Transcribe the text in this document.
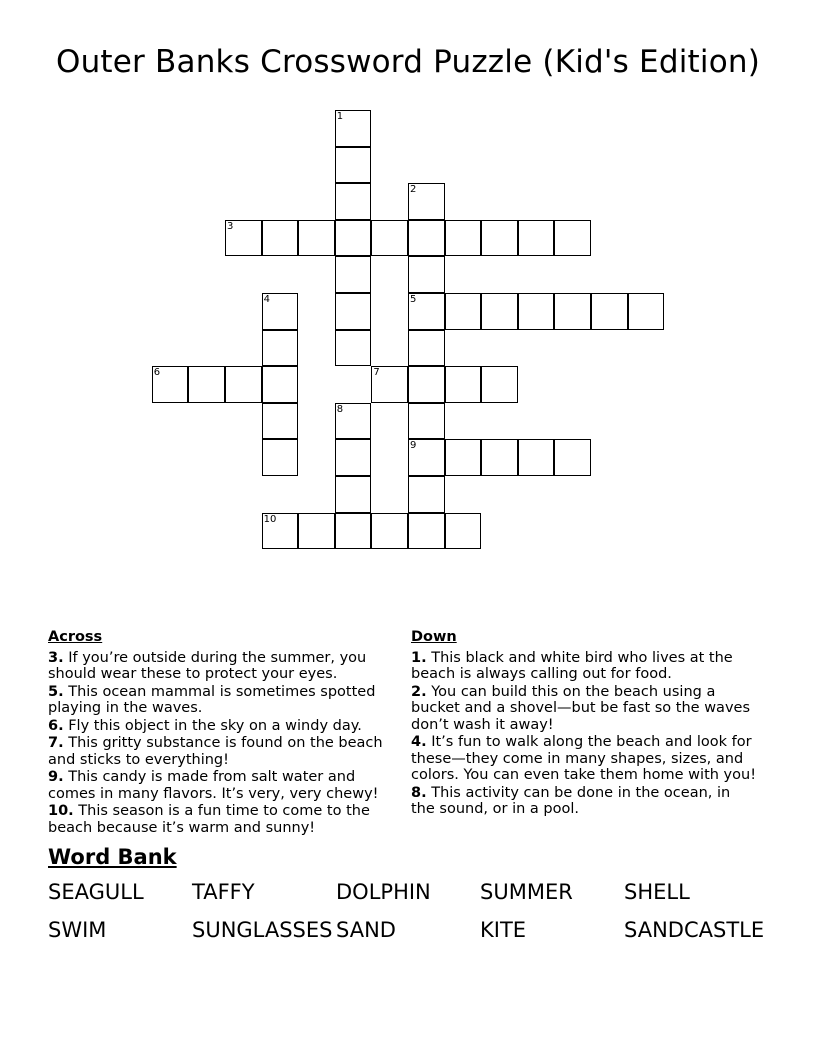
Outer Banks Crossword Puzzle (Kid's Edition)
1
2
3
4	5
6	7
8
9
10
Across
3. If you’re outside during the summer, you should wear these to protect your eyes.
5. This ocean mammal is sometimes spotted playing in the waves.
6. Fly this object in the sky on a windy day.
7. This gritty substance is found on the beach and sticks to everything!
9. This candy is made from salt water and comes in many flavors. It’s very, very chewy!
10. This season is a fun time to come to the beach because it’s warm and sunny!
Down
1. This black and white bird who lives at the beach is always calling out for food.
2. You can build this on the beach using a bucket and a shovel—but be fast so the waves don’t wash it away!
4. It’s fun to walk along the beach and look for these—they come in many shapes, sizes, and colors. You can even take them home with you!
8. This activity can be done in the ocean, in the sound, or in a pool.
Word Bank
SEAGULL TAFFY	DOLPHIN SUMMER SHELL
SWIM	SUNGLASSES SAND	KITE	SANDCASTLE
